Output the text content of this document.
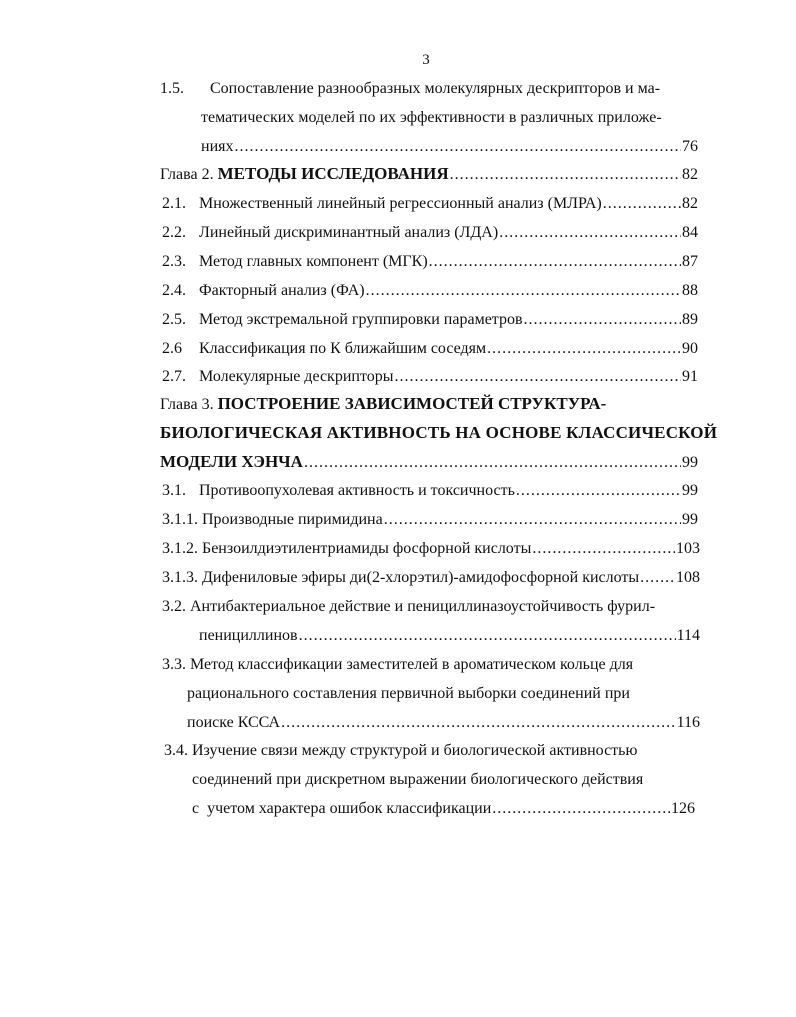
3
1.5. Сопоставление разнообразных молекулярных дескрипторов и ма-
тематических моделей по их эффективности в различных приложе-
ниях .....	76
Глава 2.
МЕТОДЫ ИССЛЕДОВАНИЯ .....	82
2.1. Множественный линейный регрессионный анализ (МЛРА) .....	82
2.2. Линейный дискриминантный анализ (ЛДА) .....	84
2.3. Метод главных компонент (МГК) .....	87
2.4. Факторный анализ (ФА) .....	88
2.5. Метод экстремальной группировки параметров .....	89
2.6	Классификация по К ближайшим соседям .....	90
2.7. Молекулярные дескрипторы .....	91
Глава 3. ПОСТРОЕНИЕ ЗАВИСИМОСТЕЙ СТРУКТУРА-
БИОЛОГИЧЕСКАЯ АКТИВНОСТЬ НА ОСНОВЕ КЛАССИЧЕСКОЙ
МОДЕЛИ ХЭНЧА .....	99
3.1. Противоопухолевая активность и токсичность .....	99
3.1.1. Производные пиримидина .....	99
3.1.2. Бензоилдиэтилентриамиды фосфорной кислоты .....	103
3.1.3. Дифениловые эфиры ди(2-хлорэтил)-амидофосфорной кислоты ..... 108
3.2. Антибактериальное действие и пенициллиназоустойчивость фурил-
пенициллинов .....	114
3.3. Метод классификации заместителей в ароматическом кольце для
рационального составления первичной выборки соединений при
поиске КССА .....	116
3.4. Изучение связи между структурой и биологической активностью
соединений при дискретном выражении биологического действия
с  учетом характера ошибок классификации .....	126
